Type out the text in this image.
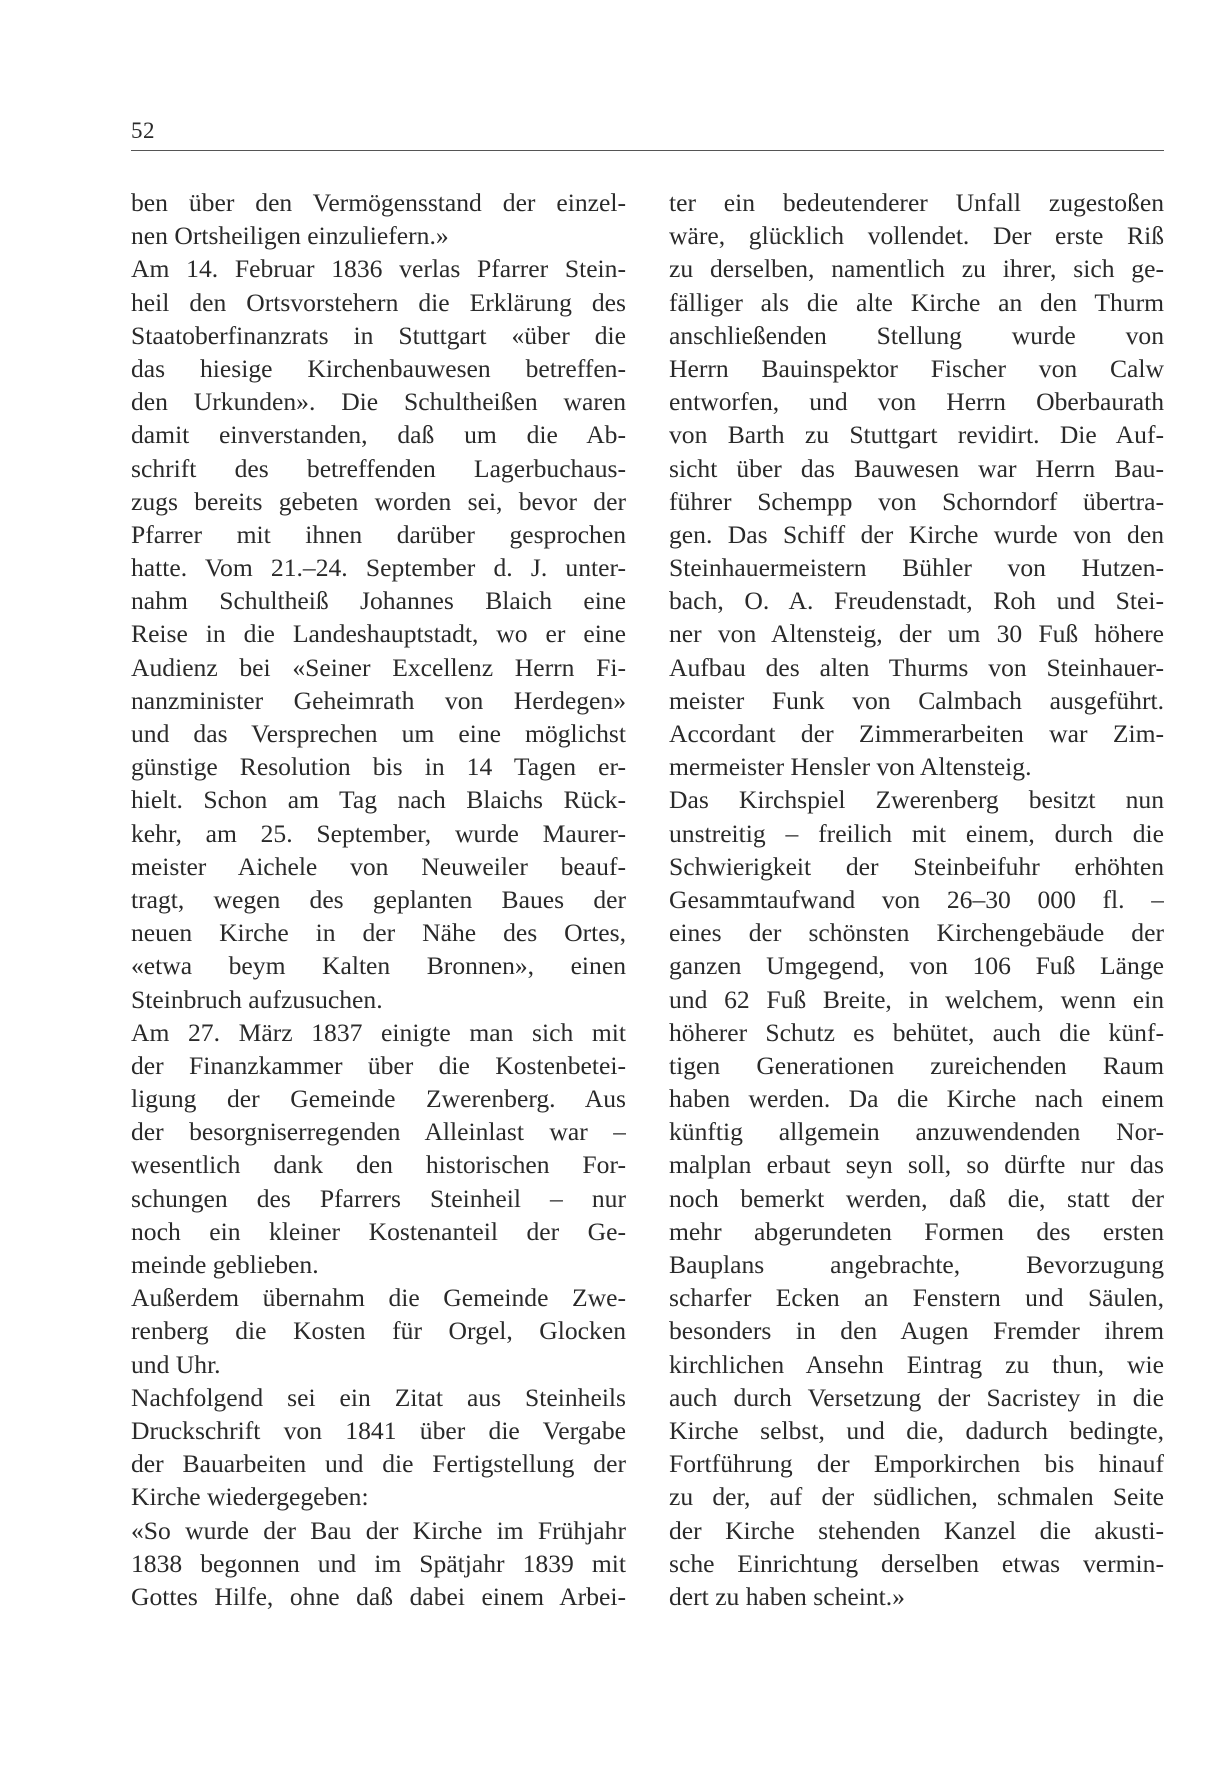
52
ben über den Vermögensstand der einzel-
nen Ortsheiligen einzuliefern.»
Am 14. Februar 1836 verlas Pfarrer Stein-
heil den Ortsvorstehern die Erklärung des
Staatoberfinanzrats in Stuttgart «über die
das hiesige Kirchenbauwesen betreffen-
den Urkunden». Die Schultheißen waren
damit einverstanden, daß um die Ab-
schrift des betreffenden Lagerbuchaus-
zugs bereits gebeten worden sei, bevor der
Pfarrer mit ihnen darüber gesprochen
hatte. Vom 21.–24. September d. J. unter-
nahm Schultheiß Johannes Blaich eine
Reise in die Landeshauptstadt, wo er eine
Audienz bei «Seiner Excellenz Herrn Fi-
nanzminister Geheimrath von Herdegen»
und das Versprechen um eine möglichst
günstige Resolution bis in 14 Tagen er-
hielt. Schon am Tag nach Blaichs Rück-
kehr, am 25. September, wurde Maurer-
meister Aichele von Neuweiler beauf-
tragt, wegen des geplanten Baues der
neuen Kirche in der Nähe des Ortes,
«etwa beym Kalten Bronnen», einen
Steinbruch aufzusuchen.
Am 27. März 1837 einigte man sich mit
der Finanzkammer über die Kostenbetei-
ligung der Gemeinde Zwerenberg. Aus
der besorgniserregenden Alleinlast war –
wesentlich dank den historischen For-
schungen des Pfarrers Steinheil – nur
noch ein kleiner Kostenanteil der Ge-
meinde geblieben.
Außerdem übernahm die Gemeinde Zwe-
renberg die Kosten für Orgel, Glocken
und Uhr.
Nachfolgend sei ein Zitat aus Steinheils
Druckschrift von 1841 über die Vergabe
der Bauarbeiten und die Fertigstellung der
Kirche wiedergegeben:
«So wurde der Bau der Kirche im Frühjahr
1838 begonnen und im Spätjahr 1839 mit
Gottes Hilfe, ohne daß dabei einem Arbei-
ter ein bedeutenderer Unfall zugestoßen
wäre, glücklich vollendet. Der erste Riß
zu derselben, namentlich zu ihrer, sich ge-
fälliger als die alte Kirche an den Thurm
anschließenden Stellung wurde von
Herrn Bauinspektor Fischer von Calw
entworfen, und von Herrn Oberbaurath
von Barth zu Stuttgart revidirt. Die Auf-
sicht über das Bauwesen war Herrn Bau-
führer Schempp von Schorndorf übertra-
gen. Das Schiff der Kirche wurde von den
Steinhauermeistern Bühler von Hutzen-
bach, O. A. Freudenstadt, Roh und Stei-
ner von Altensteig, der um 30 Fuß höhere
Aufbau des alten Thurms von Steinhauer-
meister Funk von Calmbach ausgeführt.
Accordant der Zimmerarbeiten war Zim-
mermeister Hensler von Altensteig.
Das Kirchspiel Zwerenberg besitzt nun
unstreitig – freilich mit einem, durch die
Schwierigkeit der Steinbeifuhr erhöhten
Gesammtaufwand von 26–30 000 fl. –
eines der schönsten Kirchengebäude der
ganzen Umgegend, von 106 Fuß Länge
und 62 Fuß Breite, in welchem, wenn ein
höherer Schutz es behütet, auch die künf-
tigen Generationen zureichenden Raum
haben werden. Da die Kirche nach einem
künftig allgemein anzuwendenden Nor-
malplan erbaut seyn soll, so dürfte nur das
noch bemerkt werden, daß die, statt der
mehr abgerundeten Formen des ersten
Bauplans angebrachte, Bevorzugung
scharfer Ecken an Fenstern und Säulen,
besonders in den Augen Fremder ihrem
kirchlichen Ansehn Eintrag zu thun, wie
auch durch Versetzung der Sacristey in die
Kirche selbst, und die, dadurch bedingte,
Fortführung der Emporkirchen bis hinauf
zu der, auf der südlichen, schmalen Seite
der Kirche stehenden Kanzel die akusti-
sche Einrichtung derselben etwas vermin-
dert zu haben scheint.»
